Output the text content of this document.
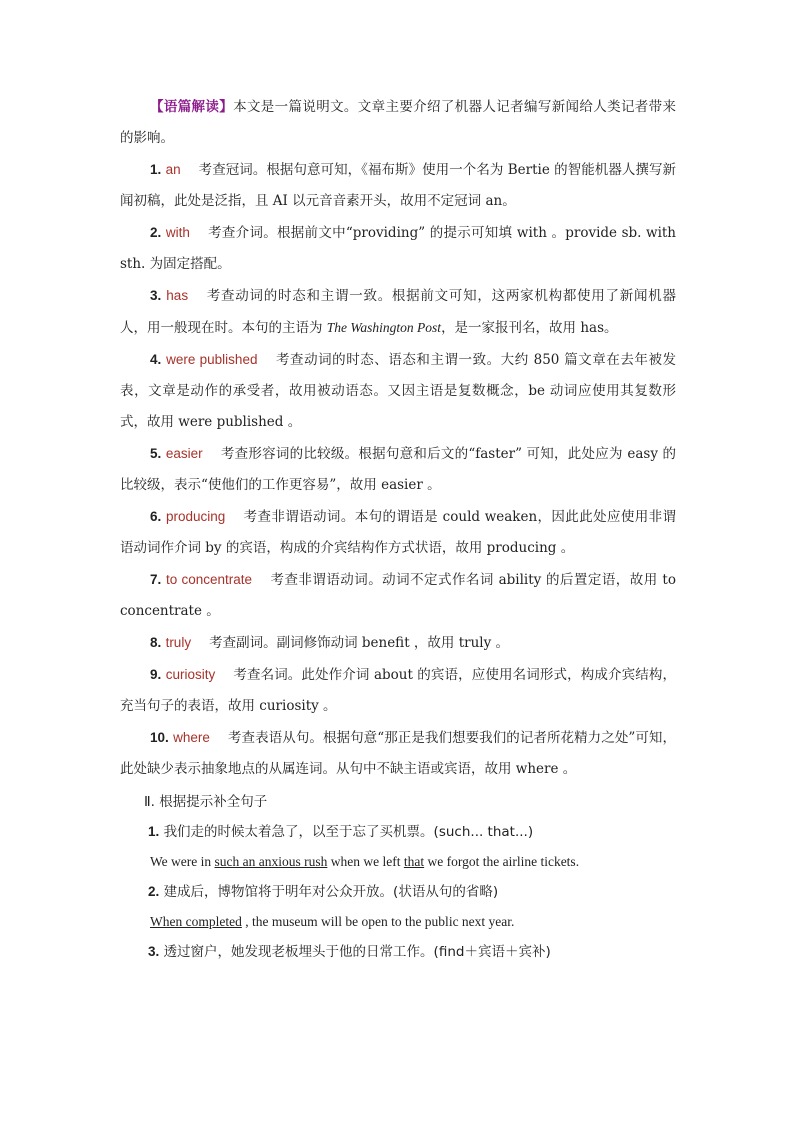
【语篇解读】本文是一篇说明文。文章主要介绍了机器人记者编写新闻给人类记者带来的影响。

1. an 考查冠词。根据句意可知，《福布斯》使用一个名为 Bertie 的智能机器人撰写新闻初稿，此处是泛指，且 AI 以元音音素开头，故用不定冠词 an。

2. with 考查介词。根据前文中“providing” 的提示可知填 with 。provide sb. with sth. 为固定搭配。

3. has 考查动词的时态和主谓一致。根据前文可知，这两家机构都使用了新闻机器人，用一般现在时。本句的主语为 The Washington Post，是一家报刊名，故用 has。

4. were published 考查动词的时态、语态和主谓一致。大约 850 篇文章在去年被发表，文章是动作的承受者，故用被动语态。又因主语是复数概念，be 动词应使用其复数形式，故用 were published 。

5. easier 考查形容词的比较级。根据句意和后文的“faster” 可知，此处应为 easy 的比较级，表示“使他们的工作更容易”，故用 easier 。

6. producing 考查非谓语动词。本句的谓语是 could weaken，因此此处应使用非谓语动词作介词 by 的宾语，构成的介宾结构作方式状语，故用 producing 。

7. to concentrate 考查非谓语动词。动词不定式作名词 ability 的后置定语，故用 to concentrate 。

8. truly 考查副词。副词修饰动词 benefit ，故用 truly 。

9. curiosity 考查名词。此处作介词 about 的宾语，应使用名词形式，构成介宾结构，充当句子的表语，故用 curiosity 。

10. where 考查表语从句。根据句意“那正是我们想要我们的记者所花精力之处”可知，此处缺少表示抽象地点的从属连词。从句中不缺主语或宾语，故用 where 。

Ⅱ. 根据提示补全句子

1. 我们走的时候太着急了，以至于忘了买机票。(such... that...)

We were in such an anxious rush when we left that we forgot the airline tickets.

2. 建成后，博物馆将于明年对公众开放。(状语从句的省略)

When completed , the museum will be open to the public next year.

3. 透过窗户，她发现老板埋头于他的日常工作。(find＋宾语＋宾补)
